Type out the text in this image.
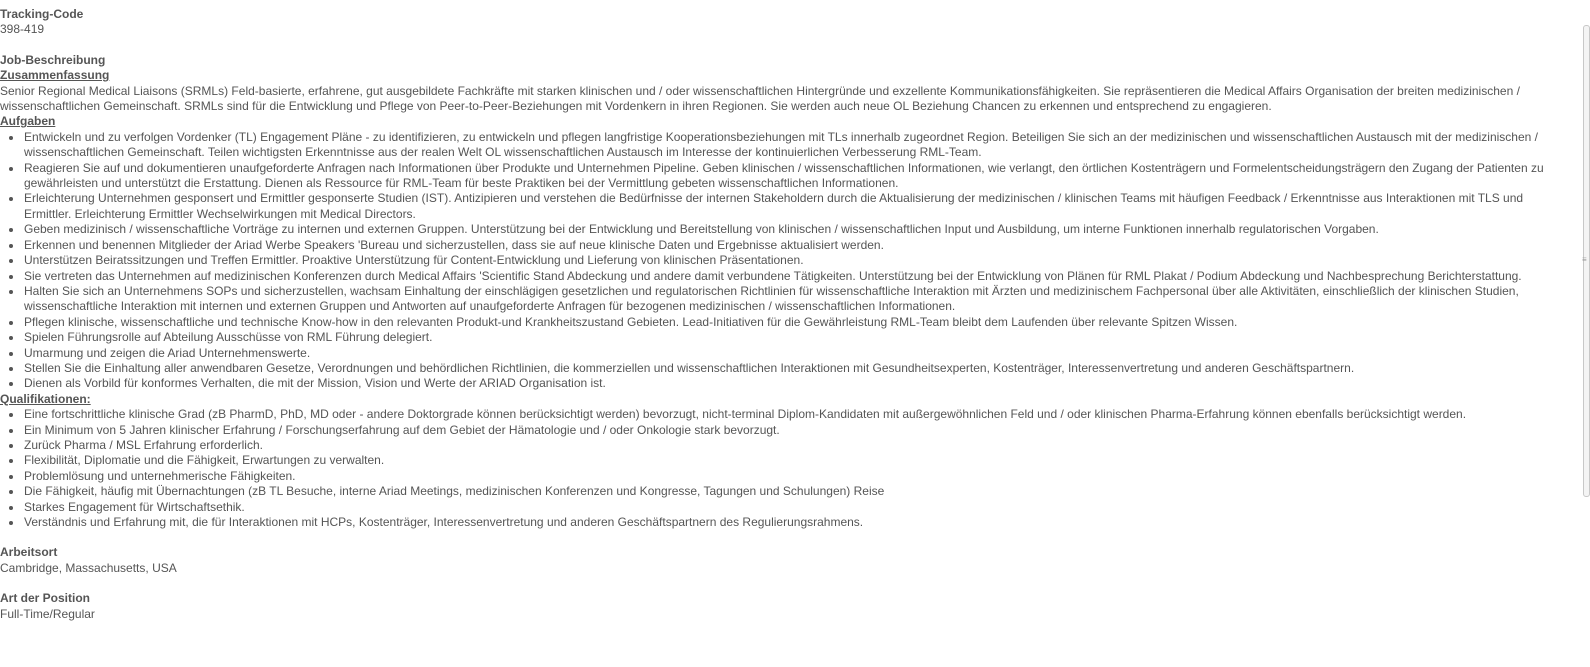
Tracking-Code
398-419
Job-Beschreibung
Zusammenfassung
Senior Regional Medical Liaisons (SRMLs) Feld-basierte, erfahrene, gut ausgebildete Fachkräfte mit starken klinischen und / oder wissenschaftlichen Hintergründe und exzellente Kommunikationsfähigkeiten. Sie repräsentieren die Medical Affairs Organisation der breiten medizinischen / wissenschaftlichen Gemeinschaft. SRMLs sind für die Entwicklung und Pflege von Peer-to-Peer-Beziehungen mit Vordenkern in ihren Regionen. Sie werden auch neue OL Beziehung Chancen zu erkennen und entsprechend zu engagieren.
Aufgaben
Entwickeln und zu verfolgen Vordenker (TL) Engagement Pläne - zu identifizieren, zu entwickeln und pflegen langfristige Kooperationsbeziehungen mit TLs innerhalb zugeordnet Region. Beteiligen Sie sich an der medizinischen und wissenschaftlichen Austausch mit der medizinischen / wissenschaftlichen Gemeinschaft. Teilen wichtigsten Erkenntnisse aus der realen Welt OL wissenschaftlichen Austausch im Interesse der kontinuierlichen Verbesserung RML-Team.
Reagieren Sie auf und dokumentieren unaufgeforderte Anfragen nach Informationen über Produkte und Unternehmen Pipeline. Geben klinischen / wissenschaftlichen Informationen, wie verlangt, den örtlichen Kostenträgern und Formelentscheidungsträgern den Zugang der Patienten zu gewährleisten und unterstützt die Erstattung. Dienen als Ressource für RML-Team für beste Praktiken bei der Vermittlung gebeten wissenschaftlichen Informationen.
Erleichterung Unternehmen gesponsert und Ermittler gesponserte Studien (IST). Antizipieren und verstehen die Bedürfnisse der internen Stakeholdern durch die Aktualisierung der medizinischen / klinischen Teams mit häufigen Feedback / Erkenntnisse aus Interaktionen mit TLS und Ermittler. Erleichterung Ermittler Wechselwirkungen mit Medical Directors.
Geben medizinisch / wissenschaftliche Vorträge zu internen und externen Gruppen. Unterstützung bei der Entwicklung und Bereitstellung von klinischen / wissenschaftlichen Input und Ausbildung, um interne Funktionen innerhalb regulatorischen Vorgaben.
Erkennen und benennen Mitglieder der Ariad Werbe Speakers 'Bureau und sicherzustellen, dass sie auf neue klinische Daten und Ergebnisse aktualisiert werden.
Unterstützen Beiratssitzungen und Treffen Ermittler. Proaktive Unterstützung für Content-Entwicklung und Lieferung von klinischen Präsentationen.
Sie vertreten das Unternehmen auf medizinischen Konferenzen durch Medical Affairs 'Scientific Stand Abdeckung und andere damit verbundene Tätigkeiten. Unterstützung bei der Entwicklung von Plänen für RML Plakat / Podium Abdeckung und Nachbesprechung Berichterstattung.
Halten Sie sich an Unternehmens SOPs und sicherzustellen, wachsam Einhaltung der einschlägigen gesetzlichen und regulatorischen Richtlinien für wissenschaftliche Interaktion mit Ärzten und medizinischem Fachpersonal über alle Aktivitäten, einschließlich der klinischen Studien, wissenschaftliche Interaktion mit internen und externen Gruppen und Antworten auf unaufgeforderte Anfragen für bezogenen medizinischen / wissenschaftlichen Informationen.
Pflegen klinische, wissenschaftliche und technische Know-how in den relevanten Produkt-und Krankheitszustand Gebieten. Lead-Initiativen für die Gewährleistung RML-Team bleibt dem Laufenden über relevante Spitzen Wissen.
Spielen Führungsrolle auf Abteilung Ausschüsse von RML Führung delegiert.
Umarmung und zeigen die Ariad Unternehmenswerte.
Stellen Sie die Einhaltung aller anwendbaren Gesetze, Verordnungen und behördlichen Richtlinien, die kommerziellen und wissenschaftlichen Interaktionen mit Gesundheitsexperten, Kostenträger, Interessenvertretung und anderen Geschäftspartnern.
Dienen als Vorbild für konformes Verhalten, die mit der Mission, Vision und Werte der ARIAD Organisation ist.
Qualifikationen:
Eine fortschrittliche klinische Grad (zB PharmD, PhD, MD oder - andere Doktorgrade können berücksichtigt werden) bevorzugt, nicht-terminal Diplom-Kandidaten mit außergewöhnlichen Feld und / oder klinischen Pharma-Erfahrung können ebenfalls berücksichtigt werden.
Ein Minimum von 5 Jahren klinischer Erfahrung / Forschungserfahrung auf dem Gebiet der Hämatologie und / oder Onkologie stark bevorzugt.
Zurück Pharma / MSL Erfahrung erforderlich.
Flexibilität, Diplomatie und die Fähigkeit, Erwartungen zu verwalten.
Problemlösung und unternehmerische Fähigkeiten.
Die Fähigkeit, häufig mit Übernachtungen (zB TL Besuche, interne Ariad Meetings, medizinischen Konferenzen und Kongresse, Tagungen und Schulungen) Reise
Starkes Engagement für Wirtschaftsethik.
Verständnis und Erfahrung mit, die für Interaktionen mit HCPs, Kostenträger, Interessenvertretung und anderen Geschäftspartnern des Regulierungsrahmens.
Arbeitsort
Cambridge, Massachusetts, USA
Art der Position
Full-Time/Regular
≡
